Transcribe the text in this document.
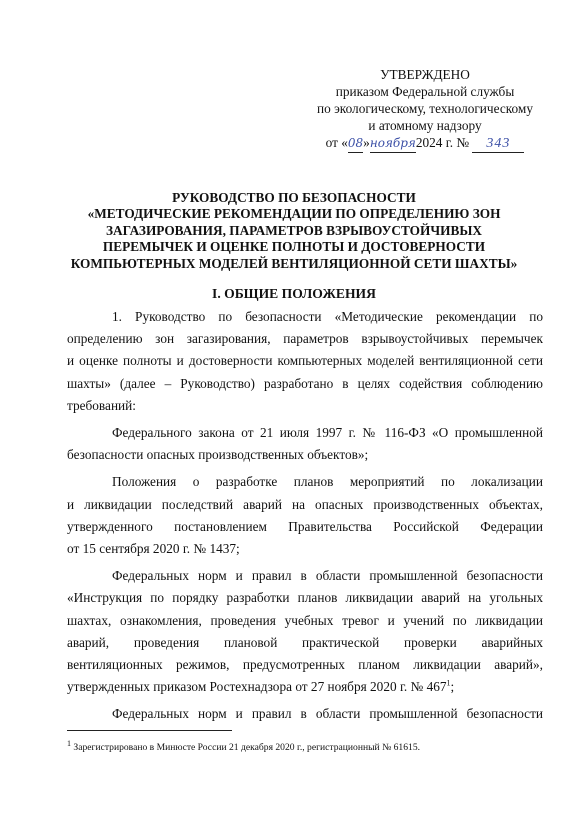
УТВЕРЖДЕНО
приказом Федеральной службы
по экологическому, технологическому
и атомному надзору
от «08»ноября2024 г. № 343
РУКОВОДСТВО ПО БЕЗОПАСНОСТИ
«МЕТОДИЧЕСКИЕ РЕКОМЕНДАЦИИ ПО ОПРЕДЕЛЕНИЮ ЗОН
ЗАГАЗИРОВАНИЯ, ПАРАМЕТРОВ ВЗРЫВОУСТОЙЧИВЫХ
ПЕРЕМЫЧЕК И ОЦЕНКЕ ПОЛНОТЫ И ДОСТОВЕРНОСТИ
КОМПЬЮТЕРНЫХ МОДЕЛЕЙ ВЕНТИЛЯЦИОННОЙ СЕТИ ШАХТЫ»
I. ОБЩИЕ ПОЛОЖЕНИЯ

1. Руководство по безопасности «Методические рекомендации по
определению зон загазирования, параметров взрывоустойчивых перемычек
и оценке полноты и достоверности компьютерных моделей вентиляционной сети
шахты» (далее – Руководство) разработано в целях содействия соблюдению
требований:

Федерального закона от 21 июля 1997 г. № 116-ФЗ «О промышленной
безопасности опасных производственных объектов»;

Положения о разработке планов мероприятий по локализации
и ликвидации последствий аварий на опасных производственных объектах,
утвержденного постановлением Правительства Российской Федерации
от 15 сентября 2020 г. № 1437;

Федеральных норм и правил в области промышленной безопасности
«Инструкция по порядку разработки планов ликвидации аварий на угольных
шахтах, ознакомления, проведения учебных тревог и учений по ликвидации
аварий, проведения плановой практической проверки аварийных
вентиляционных режимов, предусмотренных планом ликвидации аварий»,
утвержденных приказом Ростехнадзора от 27 ноября 2020 г. № $467^1$;

Федеральных норм и правил в области промышленной безопасности

$^1$ Зарегистрировано в Минюсте России 21 декабря 2020 г., регистрационный № 61615.
